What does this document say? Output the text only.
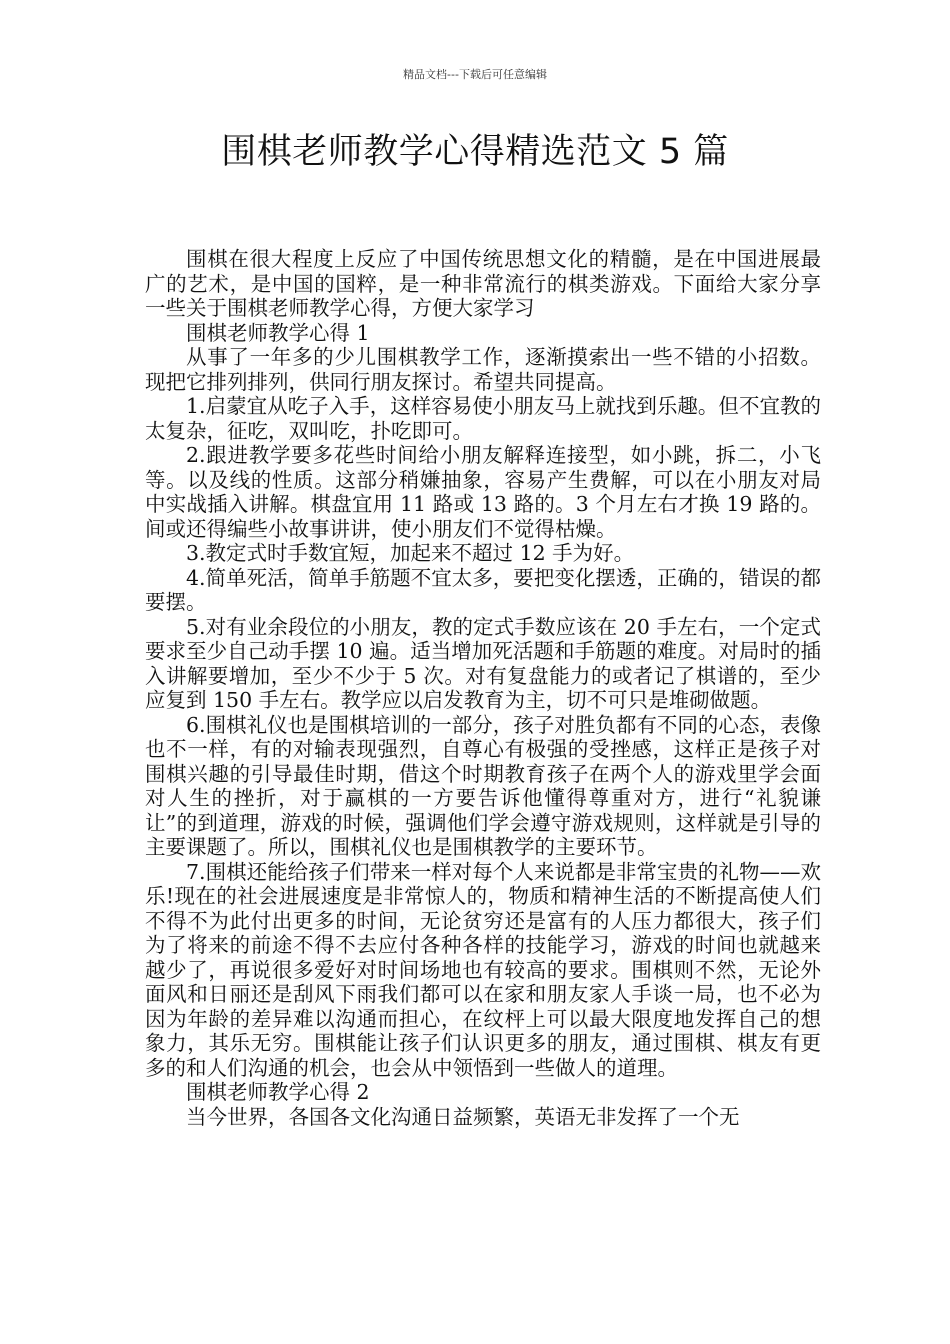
精品文档---下载后可任意编辑
围棋老师教学心得精选范文 5 篇

围棋在很大程度上反应了中国传统思想文化的精髓，是在中国进展最广的艺术，是中国的国粹，是一种非常流行的棋类游戏。下面给大家分享一些关于围棋老师教学心得，方便大家学习

围棋老师教学心得 1

从事了一年多的少儿围棋教学工作，逐渐摸索出一些不错的小招数。现把它排列排列，供同行朋友探讨。希望共同提高。

1.启蒙宜从吃子入手，这样容易使小朋友马上就找到乐趣。但不宜教的太复杂，征吃，双叫吃，扑吃即可。

2.跟进教学要多花些时间给小朋友解释连接型，如小跳，拆二，小飞等。以及线的性质。这部分稍嫌抽象，容易产生费解，可以在小朋友对局中实战插入讲解。棋盘宜用 11 路或 13 路的。3 个月左右才换 19 路的。间或还得编些小故事讲讲，使小朋友们不觉得枯燥。

3.教定式时手数宜短，加起来不超过 12 手为好。

4.简单死活，简单手筋题不宜太多，要把变化摆透，正确的，错误的都要摆。

5.对有业余段位的小朋友，教的定式手数应该在 20 手左右，一个定式要求至少自己动手摆 10 遍。适当增加死活题和手筋题的难度。对局时的插入讲解要增加，至少不少于 5 次。对有复盘能力的或者记了棋谱的，至少应复到 150 手左右。教学应以启发教育为主，切不可只是堆砌做题。

6.围棋礼仪也是围棋培训的一部分，孩子对胜负都有不同的心态，表像也不一样，有的对输表现强烈，自尊心有极强的受挫感，这样正是孩子对围棋兴趣的引导最佳时期，借这个时期教育孩子在两个人的游戏里学会面对人生的挫折，对于赢棋的一方要告诉他懂得尊重对方，进行“礼貌谦让”的到道理，游戏的时候，强调他们学会遵守游戏规则，这样就是引导的主要课题了。所以，围棋礼仪也是围棋教学的主要环节。

7.围棋还能给孩子们带来一样对每个人来说都是非常宝贵的礼物——欢乐!现在的社会进展速度是非常惊人的，物质和精神生活的不断提高使人们不得不为此付出更多的时间，无论贫穷还是富有的人压力都很大，孩子们为了将来的前途不得不去应付各种各样的技能学习，游戏的时间也就越来越少了，再说很多爱好对时间场地也有较高的要求。围棋则不然，无论外面风和日丽还是刮风下雨我们都可以在家和朋友家人手谈一局，也不必为因为年龄的差异难以沟通而担心，在纹枰上可以最大限度地发挥自己的想象力，其乐无穷。围棋能让孩子们认识更多的朋友，通过围棋、棋友有更多的和人们沟通的机会，也会从中领悟到一些做人的道理。

围棋老师教学心得 2

当今世界，各国各文化沟通日益频繁，英语无非发挥了一个无
